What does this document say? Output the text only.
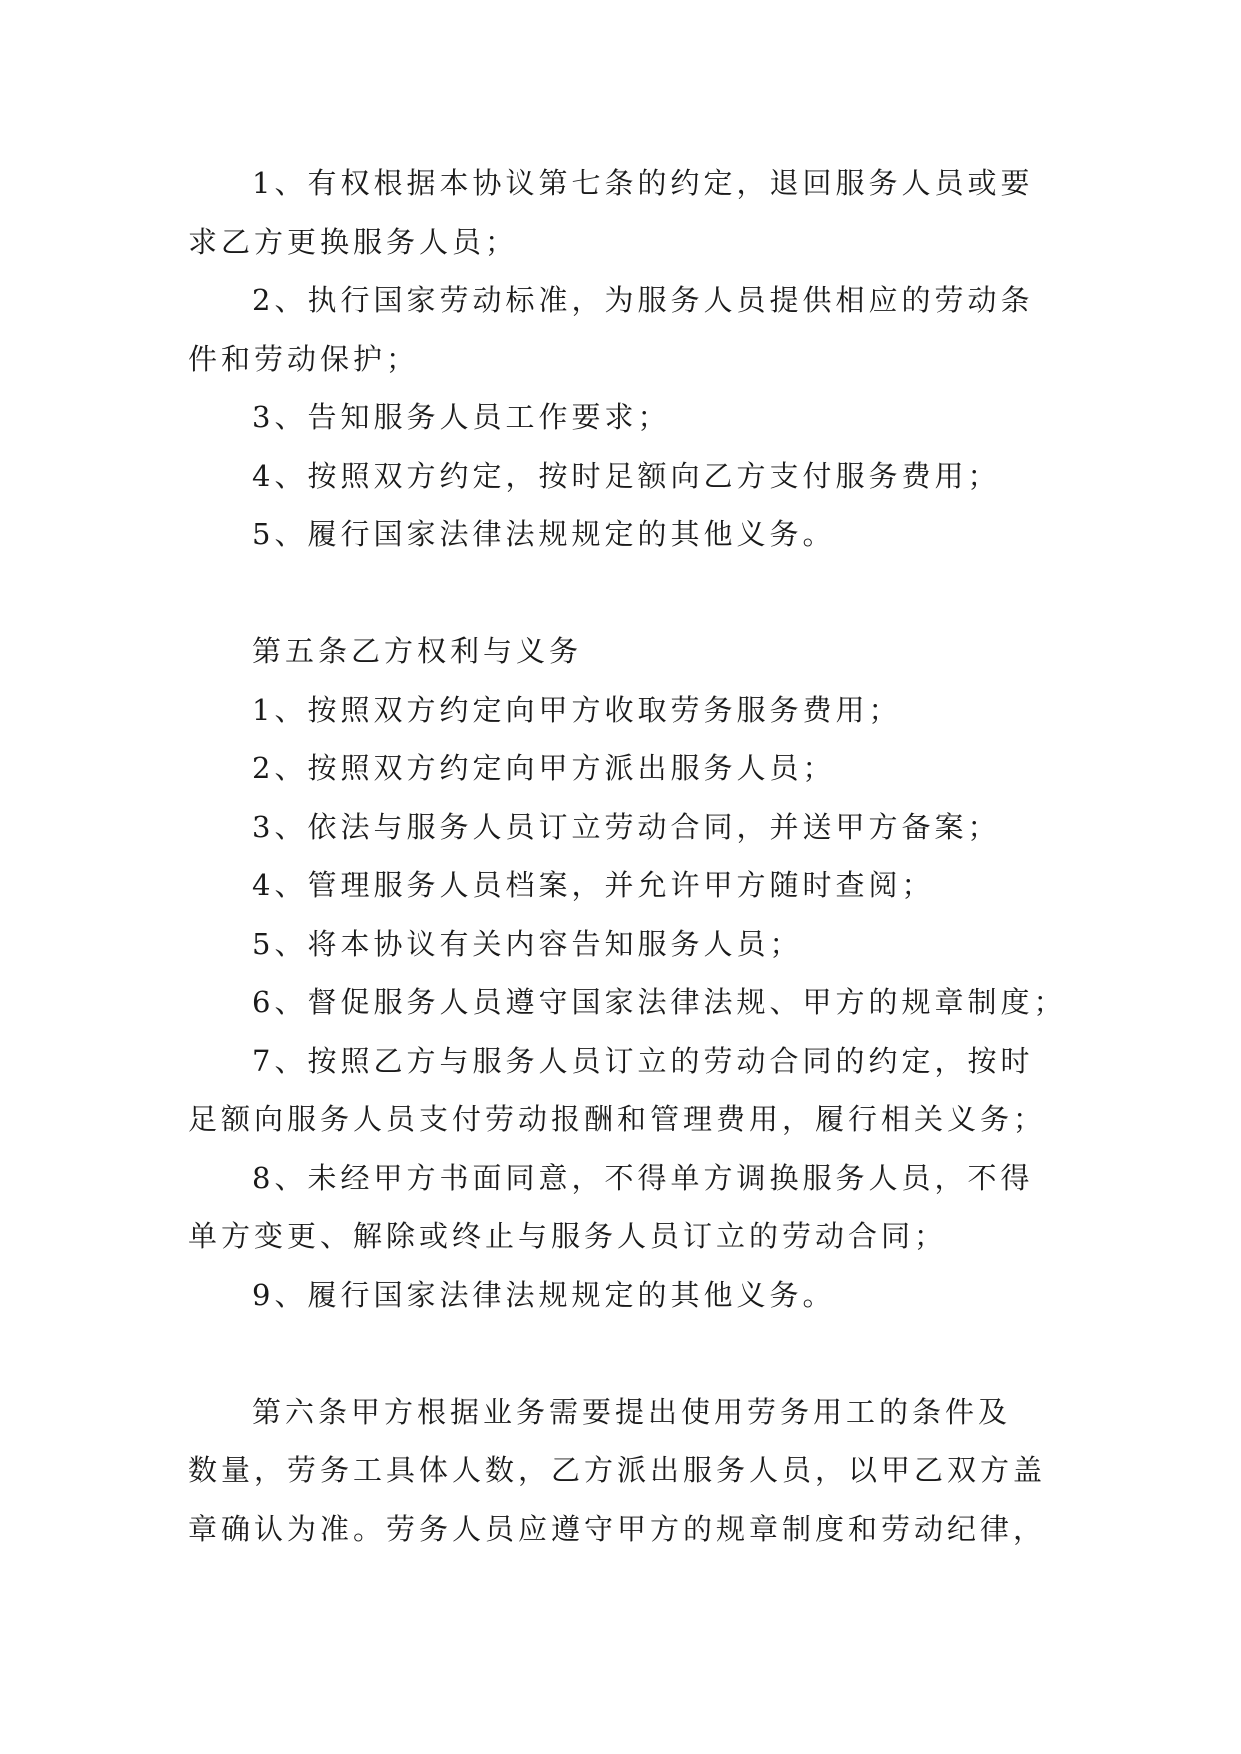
1、有权根据本协议第七条的约定，退回服务人员或要
求乙方更换服务人员；
2、执行国家劳动标准，为服务人员提供相应的劳动条
件和劳动保护；
3、告知服务人员工作要求；
4、按照双方约定，按时足额向乙方支付服务费用；
5、履行国家法律法规规定的其他义务。
第五条乙方权利与义务
1、按照双方约定向甲方收取劳务服务费用；
2、按照双方约定向甲方派出服务人员；
3、依法与服务人员订立劳动合同，并送甲方备案；
4、管理服务人员档案，并允许甲方随时查阅；
5、将本协议有关内容告知服务人员；
6、督促服务人员遵守国家法律法规、甲方的规章制度；
7、按照乙方与服务人员订立的劳动合同的约定，按时
足额向服务人员支付劳动报酬和管理费用，履行相关义务；
8、未经甲方书面同意，不得单方调换服务人员，不得
单方变更、解除或终止与服务人员订立的劳动合同；
9、履行国家法律法规规定的其他义务。
第六条甲方根据业务需要提出使用劳务用工的条件及
数量，劳务工具体人数，乙方派出服务人员，以甲乙双方盖
章确认为准。劳务人员应遵守甲方的规章制度和劳动纪律，
